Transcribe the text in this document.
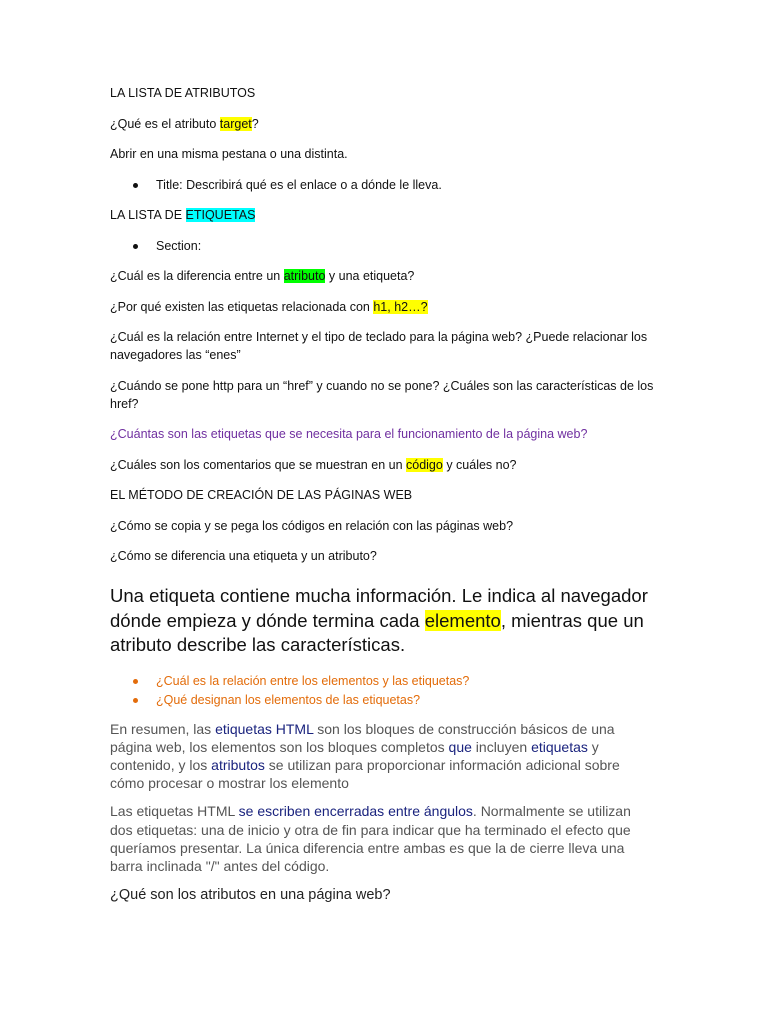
LA LISTA DE ATRIBUTOS

¿Qué es el atributo target?

Abrir en una misma pestana o una distinta.

Title: Describirá qué es el enlace o a dónde le lleva.

LA LISTA DE ETIQUETAS

Section:

¿Cuál es la diferencia entre un atributo y una etiqueta?

¿Por qué existen las etiquetas relacionada con h1, h2…?

¿Cuál es la relación entre Internet y el tipo de teclado para la página web? ¿Puede relacionar los navegadores las “enes”

¿Cuándo se pone http para un “href” y cuando no se pone? ¿Cuáles son las características de los href?

¿Cuántas son las etiquetas que se necesita para el funcionamiento de la página web?

¿Cuáles son los comentarios que se muestran en un código y cuáles no?

EL MÉTODO DE CREACIÓN DE LAS PÁGINAS WEB

¿Cómo se copia y se pega los códigos en relación con las páginas web?

¿Cómo se diferencia una etiqueta y un atributo?

Una etiqueta contiene mucha información. Le indica al navegador dónde empieza y dónde termina cada elemento, mientras que un atributo describe las características.

¿Cuál es la relación entre los elementos y las etiquetas?
¿Qué designan los elementos de las etiquetas?

En resumen, las etiquetas HTML son los bloques de construcción básicos de una página web, los elementos son los bloques completos que incluyen etiquetas y contenido, y los atributos se utilizan para proporcionar información adicional sobre cómo procesar o mostrar los elemento

Las etiquetas HTML se escriben encerradas entre ángulos. Normalmente se utilizan dos etiquetas: una de inicio y otra de fin para indicar que ha terminado el efecto que queríamos presentar. La única diferencia entre ambas es que la de cierre lleva una barra inclinada "/" antes del código.

¿Qué son los atributos en una página web?
